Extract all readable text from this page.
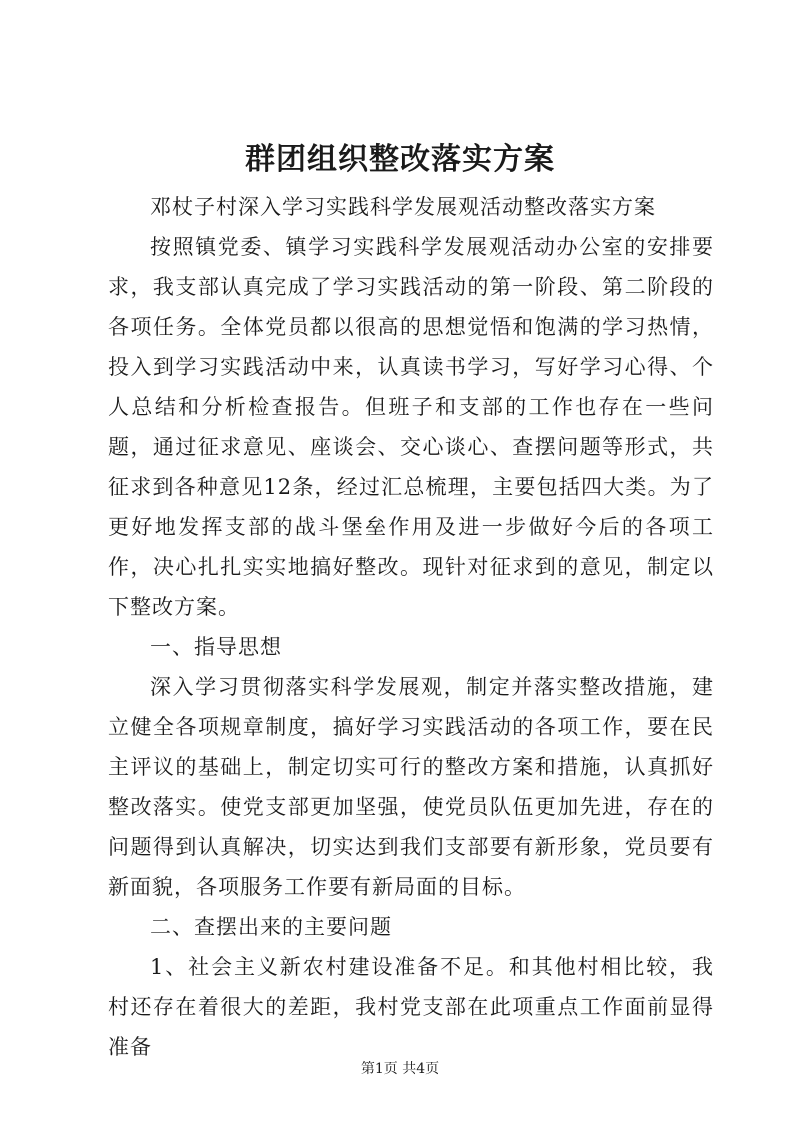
群团组织整改落实方案

邓杖子村深入学习实践科学发展观活动整改落实方案

按照镇党委、镇学习实践科学发展观活动办公室的安排要求，我支部认真完成了学习实践活动的第一阶段、第二阶段的各项任务。全体党员都以很高的思想觉悟和饱满的学习热情，投入到学习实践活动中来，认真读书学习，写好学习心得、个人总结和分析检查报告。但班子和支部的工作也存在一些问题，通过征求意见、座谈会、交心谈心、查摆问题等形式，共征求到各种意见12条，经过汇总梳理，主要包括四大类。为了更好地发挥支部的战斗堡垒作用及进一步做好今后的各项工作，决心扎扎实实地搞好整改。现针对征求到的意见，制定以下整改方案。

一、指导思想

深入学习贯彻落实科学发展观，制定并落实整改措施，建立健全各项规章制度，搞好学习实践活动的各项工作，要在民主评议的基础上，制定切实可行的整改方案和措施，认真抓好整改落实。使党支部更加坚强，使党员队伍更加先进，存在的问题得到认真解决，切实达到我们支部要有新形象，党员要有新面貌，各项服务工作要有新局面的目标。

二、查摆出来的主要问题

1、社会主义新农村建设准备不足。和其他村相比较，我村还存在着很大的差距，我村党支部在此项重点工作面前显得准备

第1页 共4页
